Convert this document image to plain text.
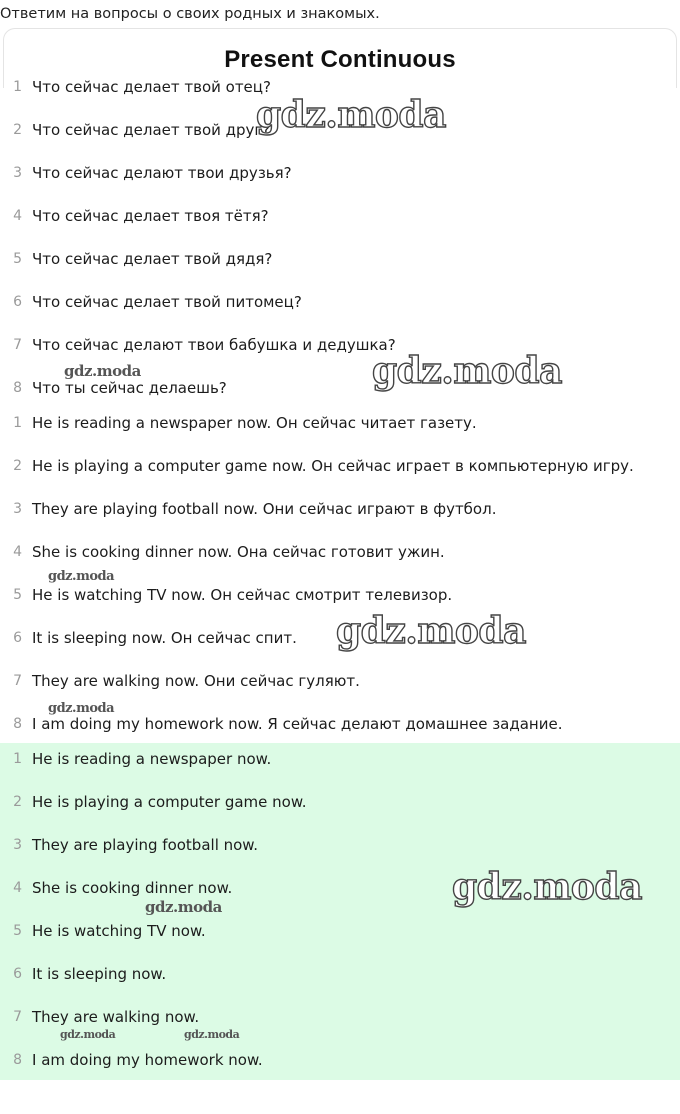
Ответим на вопросы о своих родных и знакомых.
Present Continuous
1 Что сейчас делает твой отец?
2 Что сейчас делает твой друг?
3 Что сейчас делают твои друзья?
4 Что сейчас делает твоя тётя?
5 Что сейчас делает твой дядя?
6 Что сейчас делает твой питомец?
7 Что сейчас делают твои бабушка и дедушка?
8 Что ты сейчас делаешь?
1 He is reading a newspaper now. Он сейчас читает газету.
2 He is playing a computer game now. Он сейчас играет в компьютерную игру.
3 They are playing football now. Они сейчас играют в футбол.
4 She is cooking dinner now. Она сейчас готовит ужин.
5 He is watching TV now. Он сейчас смотрит телевизор.
6 It is sleeping now. Он сейчас спит.
7 They are walking now. Они сейчас гуляют.
8 I am doing my homework now. Я сейчас делают домашнее задание.
1 He is reading a newspaper now.
2 He is playing a computer game now.
3 They are playing football now.
4 She is cooking dinner now.
5 He is watching TV now.
6 It is sleeping now.
7 They are walking now.
8 I am doing my homework now.
gdz.moda
gdz.moda	gdz.moda
gdz.moda
gdz.moda
gdz.moda
gdz.moda
gdz.moda
gdz.moda	gdz.moda
